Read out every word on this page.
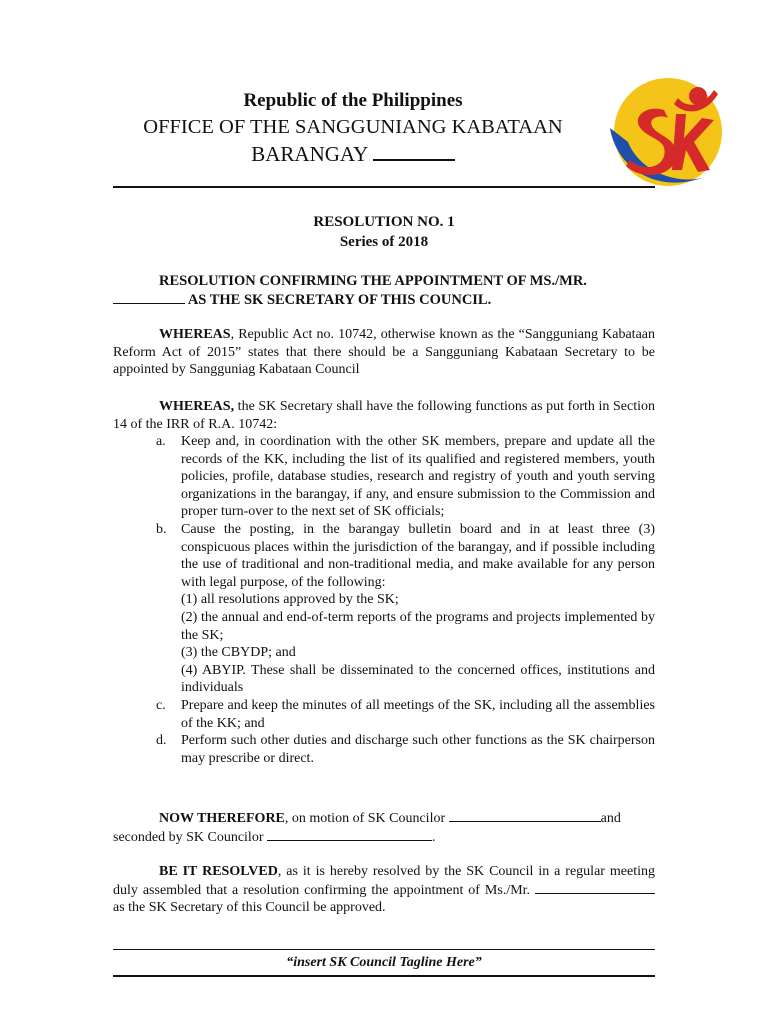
Republic of the Philippines
OFFICE OF THE SANGGUNIANG KABATAAN
BARANGAY
RESOLUTION NO. 1
Series of 2018
RESOLUTION CONFIRMING THE APPOINTMENT OF MS./MR.
AS THE SK SECRETARY OF THIS COUNCIL.
WHEREAS, Republic Act no. 10742, otherwise known as the “Sangguniang Kabataan Reform Act of 2015” states that there should be a Sangguniang Kabataan Secretary to be appointed by Sangguniag Kabataan Council
WHEREAS, the SK Secretary shall have the following functions as put forth in Section 14 of the IRR of R.A. 10742:
a.	Keep and, in coordination with the other SK members, prepare and update all the records of the KK, including the list of its qualified and registered members, youth policies, profile, database studies, research and registry of youth and youth serving organizations in the barangay, if any, and ensure submission to the Commission and proper turn-over to the next set of SK officials;
b.	Cause the posting, in the barangay bulletin board and in at least three (3) conspicuous places within the jurisdiction of the barangay, and if possible including the use of traditional and non-traditional media, and make available for any person with legal purpose, of the following:
(1) all resolutions approved by the SK;
(2) the annual and end-of-term reports of the programs and projects implemented by the SK;
(3) the CBYDP; and
(4) ABYIP. These shall be disseminated to the concerned offices, institutions and individuals
c.	Prepare and keep the minutes of all meetings of the SK, including all the assemblies of the KK; and
d.	Perform such other duties and discharge such other functions as the SK chairperson may prescribe or direct.
NOW THEREFORE, on motion of SK Councilor	and
seconded by SK Councilor	.
BE IT RESOLVED, as it is hereby resolved by the SK Council in a regular meeting duly assembled that a resolution confirming the appointment of Ms./Mr.  as the SK Secretary of this Council be approved.
“insert SK Council Tagline Here”
